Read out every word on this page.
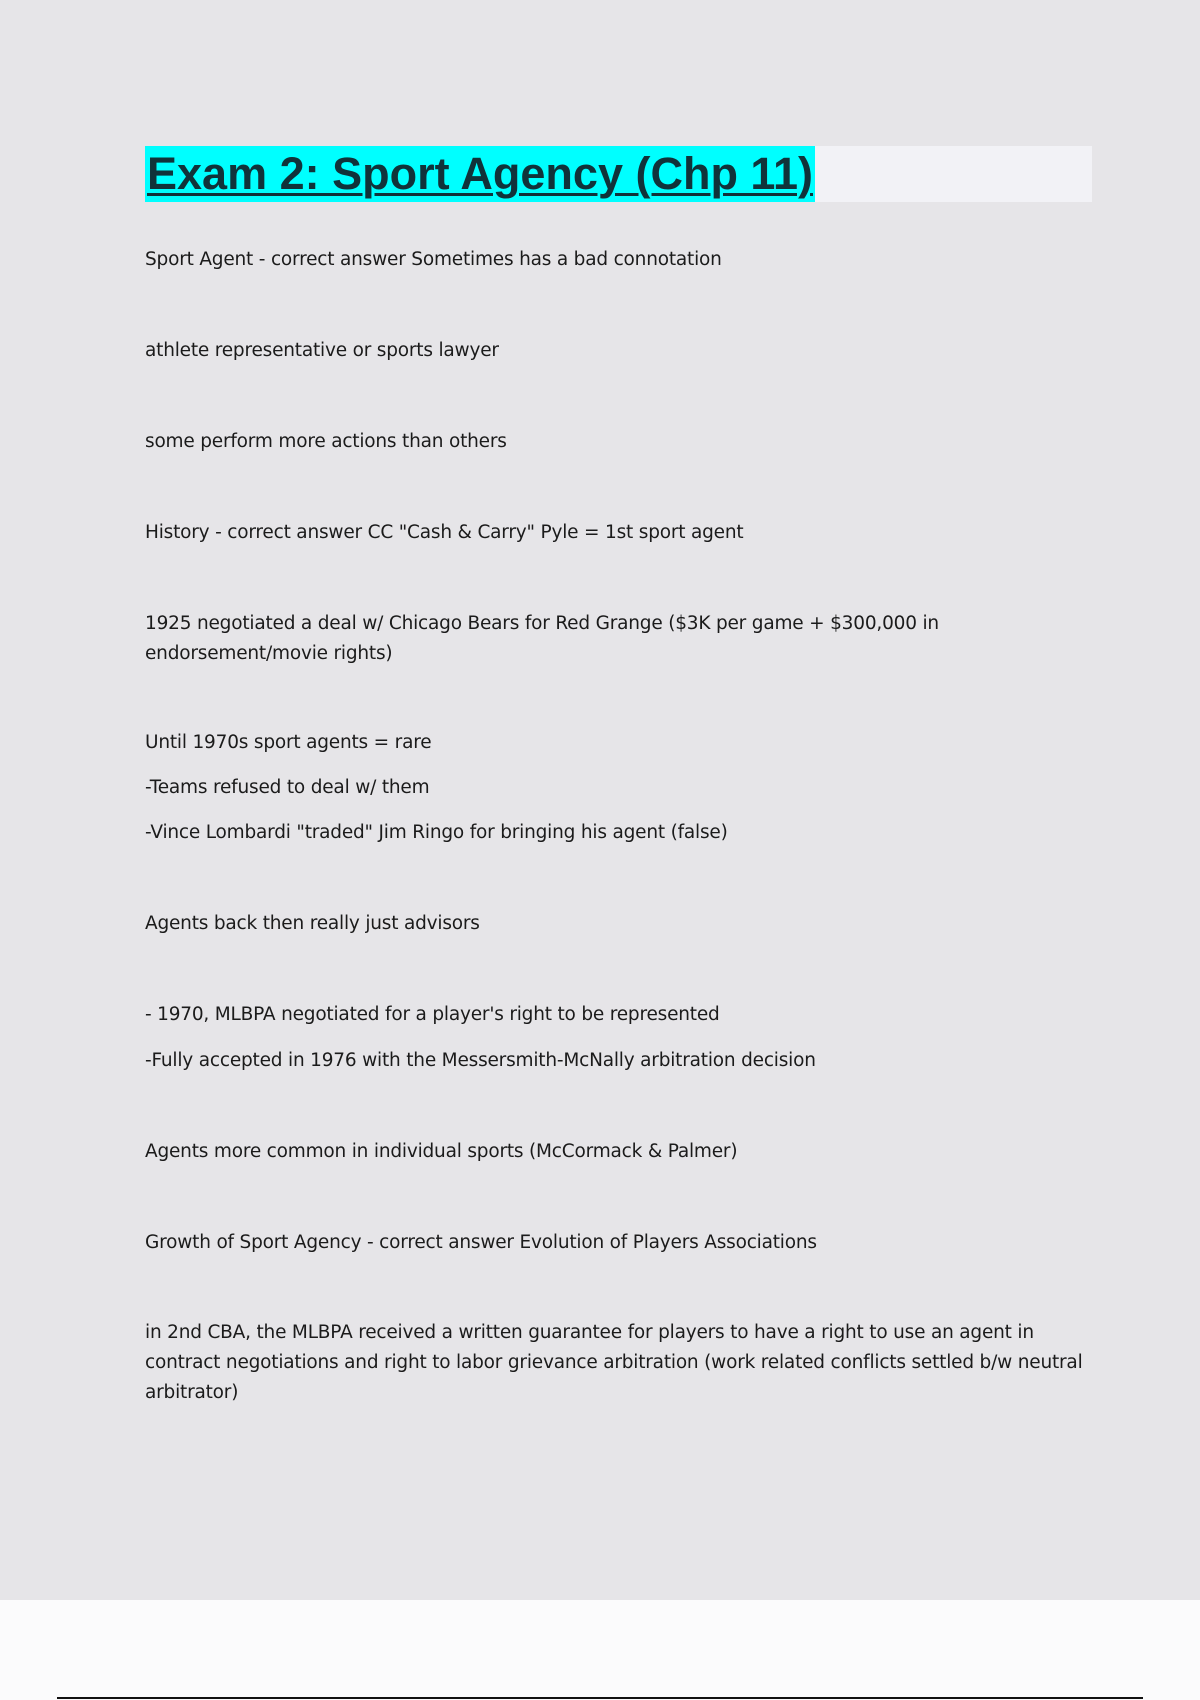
Exam 2: Sport Agency (Chp 11)
Sport Agent - correct answer Sometimes has a bad connotation
athlete representative or sports lawyer
some perform more actions than others
History - correct answer CC "Cash & Carry" Pyle = 1st sport agent
1925 negotiated a deal w/ Chicago Bears for Red Grange ($3K per game + $300,000 in endorsement/movie rights)
Until 1970s sport agents = rare
-Teams refused to deal w/ them
-Vince Lombardi "traded" Jim Ringo for bringing his agent (false)
Agents back then really just advisors
- 1970, MLBPA negotiated for a player's right to be represented
-Fully accepted in 1976 with the Messersmith-McNally arbitration decision
Agents more common in individual sports (McCormack & Palmer)
Growth of Sport Agency - correct answer Evolution of Players Associations
in 2nd CBA, the MLBPA received a written guarantee for players to have a right to use an agent in contract negotiations and right to labor grievance arbitration (work related conflicts settled b/w neutral arbitrator)
